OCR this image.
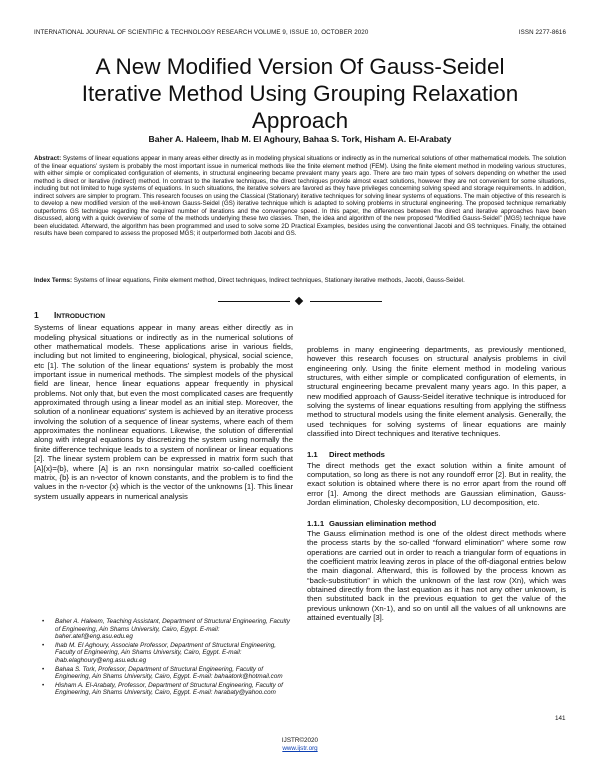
INTERNATIONAL JOURNAL OF SCIENTIFIC & TECHNOLOGY RESEARCH VOLUME 9, ISSUE 10, OCTOBER 2020	ISSN 2277-8616
A New Modified Version Of Gauss-Seidel
Iterative Method Using Grouping Relaxation
Approach
Baher A. Haleem, Ihab M. El Aghoury, Bahaa S. Tork, Hisham A. El-Arabaty
Abstract: Systems of linear equations appear in many areas either directly as in modeling physical situations or indirectly as in the numerical solutions of other mathematical models. The solution of the linear equations’ system is probably the most important issue in numerical methods like the finite element method (FEM). Using the finite element method in modeling various structures, with either simple or complicated configuration of elements, in structural engineering became prevalent many years ago. There are two main types of solvers depending on whether the used method is direct or iterative (indirect) method. In contrast to the iterative techniques, the direct techniques provide almost exact solutions, however they are not convenient for some situations, including but not limited to huge systems of equations. In such situations, the iterative solvers are favored as they have privileges concerning solving speed and storage requirements. In addition, indirect solvers are simpler to program. This research focuses on using the Classical (Stationary) iterative techniques for solving linear systems of equations. The main objective of this research is to develop a new modified version of the well-known Gauss-Seidel (GS) iterative technique which is adapted to solving problems in structural engineering. The proposed technique remarkably outperforms GS technique regarding the required number of iterations and the convergence speed. In this paper, the differences between the direct and iterative approaches have been discussed, along with a quick overview of some of the methods underlying these two classes. Then, the idea and algorithm of the new proposed “Modified Gauss-Seidel” (MGS) technique have been elucidated. Afterward, the algorithm has been programmed and used to solve some 2D Practical Examples, besides using the conventional Jacobi and GS techniques. Finally, the obtained results have been compared to assess the proposed MGS; it outperformed both Jacobi and GS.
Index Terms: Systems of linear equations, Finite element method, Direct techniques, Indirect techniques, Stationary iterative methods, Jacobi, Gauss-Seidel.
1 INTRODUCTION

Systems of linear equations appear in many areas either directly as in modeling physical situations or indirectly as in the numerical solutions of other mathematical models. These applications arise in various fields, including but not limited to engineering, biological, physical, social science, etc [1]. The solution of the linear equations’ system is probably the most important issue in numerical methods. The simplest models of the physical field are linear, hence linear equations appear frequently in physical problems. Not only that, but even the most complicated cases are frequently approximated through using a linear model as an initial step. Moreover, the solution of a nonlinear equations’ system is achieved by an iterative process involving the solution of a sequence of linear systems, where each of them approximates the nonlinear equations. Likewise, the solution of differential along with integral equations by discretizing the system using normally the finite difference technique leads to a system of nonlinear or linear equations [2]. The linear system problem can be expressed in matrix form such that [A]{x}={b}, where [A] is an n×n nonsingular matrix so-called coefficient matrix, {b} is an n-vector of known constants, and the problem is to find the values in the n-vector {x} which is the vector of the unknowns [1]. This linear system usually appears in numerical analysis

problems in many engineering departments, as previously mentioned, however this research focuses on structural analysis problems in civil engineering only. Using the finite element method in modeling various structures, with either simple or complicated configuration of elements, in structural engineering became prevalent many years ago. In this paper, a new modified approach of Gauss-Seidel iterative technique is introduced for solving the systems of linear equations resulting from applying the stiffness method to structural models using the finite element analysis. Generally, the used techniques for solving systems of linear equations are mainly classified into Direct techniques and Iterative techniques.

1.1 Direct methods

The direct methods get the exact solution within a finite amount of computation, so long as there is not any roundoff error [2]. But in reality, the exact solution is obtained where there is no error apart from the round off error [1]. Among the direct methods are Gaussian elimination, Gauss-Jordan elimination, Cholesky decomposition, LU decomposition, etc.

1.1.1 Gaussian elimination method

The Gauss elimination method is one of the oldest direct methods where the process starts by the so-called “forward elimination” where some row operations are carried out in order to reach a triangular form of equations in the coefficient matrix leaving zeros in place of the off-diagonal entries below the main diagonal. Afterward, this is followed by the process known as “back-substitution” in which the unknown of the last row (Xn), which was obtained directly from the last equation as it has not any other unknown, is then substituted back in the previous equation to get the value of the previous unknown (Xn-1), and so on until all the values of all unknowns are attained eventually [3].

• Baher A. Haleem, Teaching Assistant, Department of Structural Engineering, Faculty of Engineering, Ain Shams University, Cairo, Egypt. E-mail: baher.atef@eng.asu.edu.eg
• Ihab M. El Aghoury, Associate Professor, Department of Structural Engineering, Faculty of Engineering, Ain Shams University, Cairo, Egypt. E-mail: ihab.elaghoury@eng.asu.edu.eg
• Bahaa S. Tork, Professor, Department of Structural Engineering, Faculty of Engineering, Ain Shams University, Cairo, Egypt. E-mail: bahaatork@hotmail.com
• Hisham A. El-Arabaty, Professor, Department of Structural Engineering, Faculty of Engineering, Ain Shams University, Cairo, Egypt. E-mail: harabaty@yahoo.com
141
IJSTR©2020
www.ijstr.org
